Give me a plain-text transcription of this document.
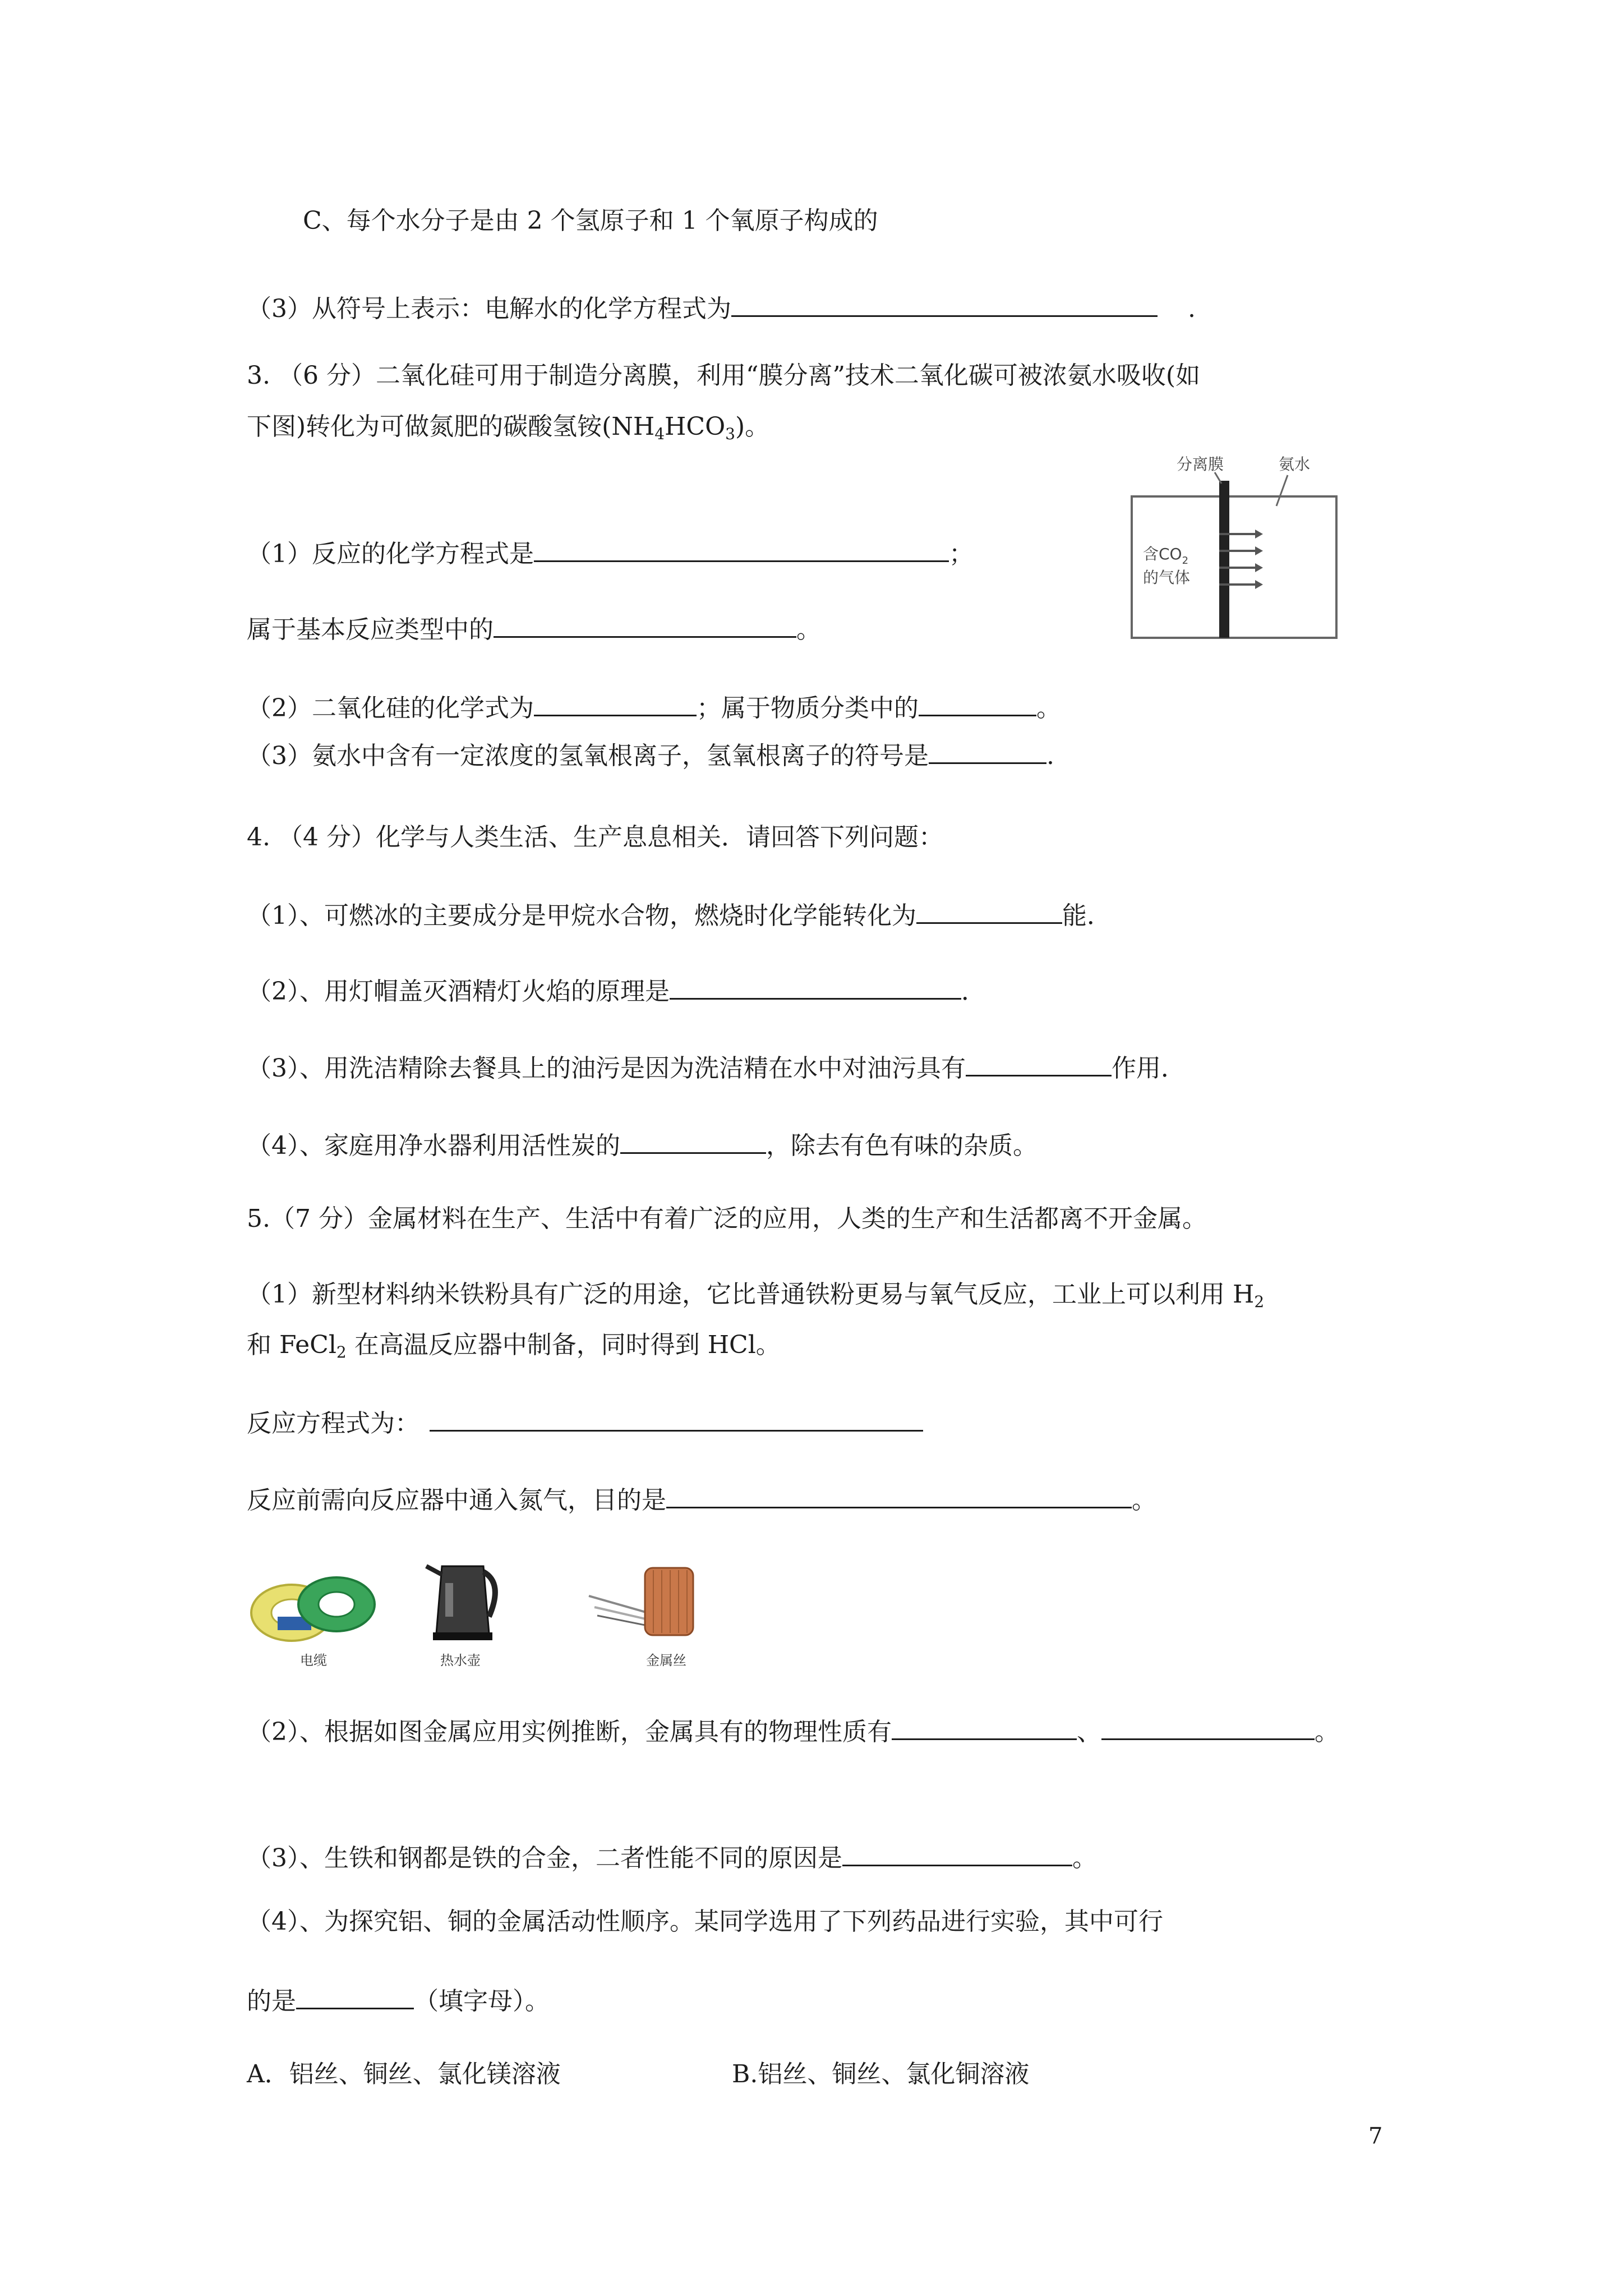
C、每个水分子是由 2 个氢原子和 1 个氧原子构成的
（3）从符号上表示：电解水的化学方程式为	.
3. （6 分）二氧化硅可用于制造分离膜，利用“膜分离”技术二氧化碳可被浓氨水吸收(如
下图)转化为可做氮肥的碳酸氢铵$(NH_4HCO_3)$。
分离膜	氨水
含$CO_2$
的气体
（1）反应的化学方程式是	；
属于基本反应类型中的	。
（2）二氧化硅的化学式为	；属于物质分类中的	。
（3）氨水中含有一定浓度的氢氧根离子，氢氧根离子的符号是	.
4. （4 分）化学与人类生活、生产息息相关．请回答下列问题：
（1）、可燃冰的主要成分是甲烷水合物，燃烧时化学能转化为	能．
（2）、用灯帽盖灭酒精灯火焰的原理是	．
（3）、用洗洁精除去餐具上的油污是因为洗洁精在水中对油污具有	作用．
（4）、家庭用净水器利用活性炭的	，除去有色有味的杂质。
5.（7 分）金属材料在生产、生活中有着广泛的应用，人类的生产和生活都离不开金属。
（1）新型材料纳米铁粉具有广泛的用途，它比普通铁粉更易与氧气反应，工业上可以利用 $H_2$
和 FeCl$_2$ 在高温反应器中制备，同时得到 HCl。
反应方程式为：
反应前需向反应器中通入氮气，目的是	。
电缆	热水壶	金属丝
（2）、根据如图金属应用实例推断，金属具有的物理性质有	、	。
（3）、生铁和钢都是铁的合金，二者性能不同的原因是	。
（4）、为探究铝、铜的金属活动性顺序。某同学选用了下列药品进行实验，其中可行
的是	（填字母）。
A．铝丝、铜丝、氯化镁溶液	B.铝丝、铜丝、氯化铜溶液
7
